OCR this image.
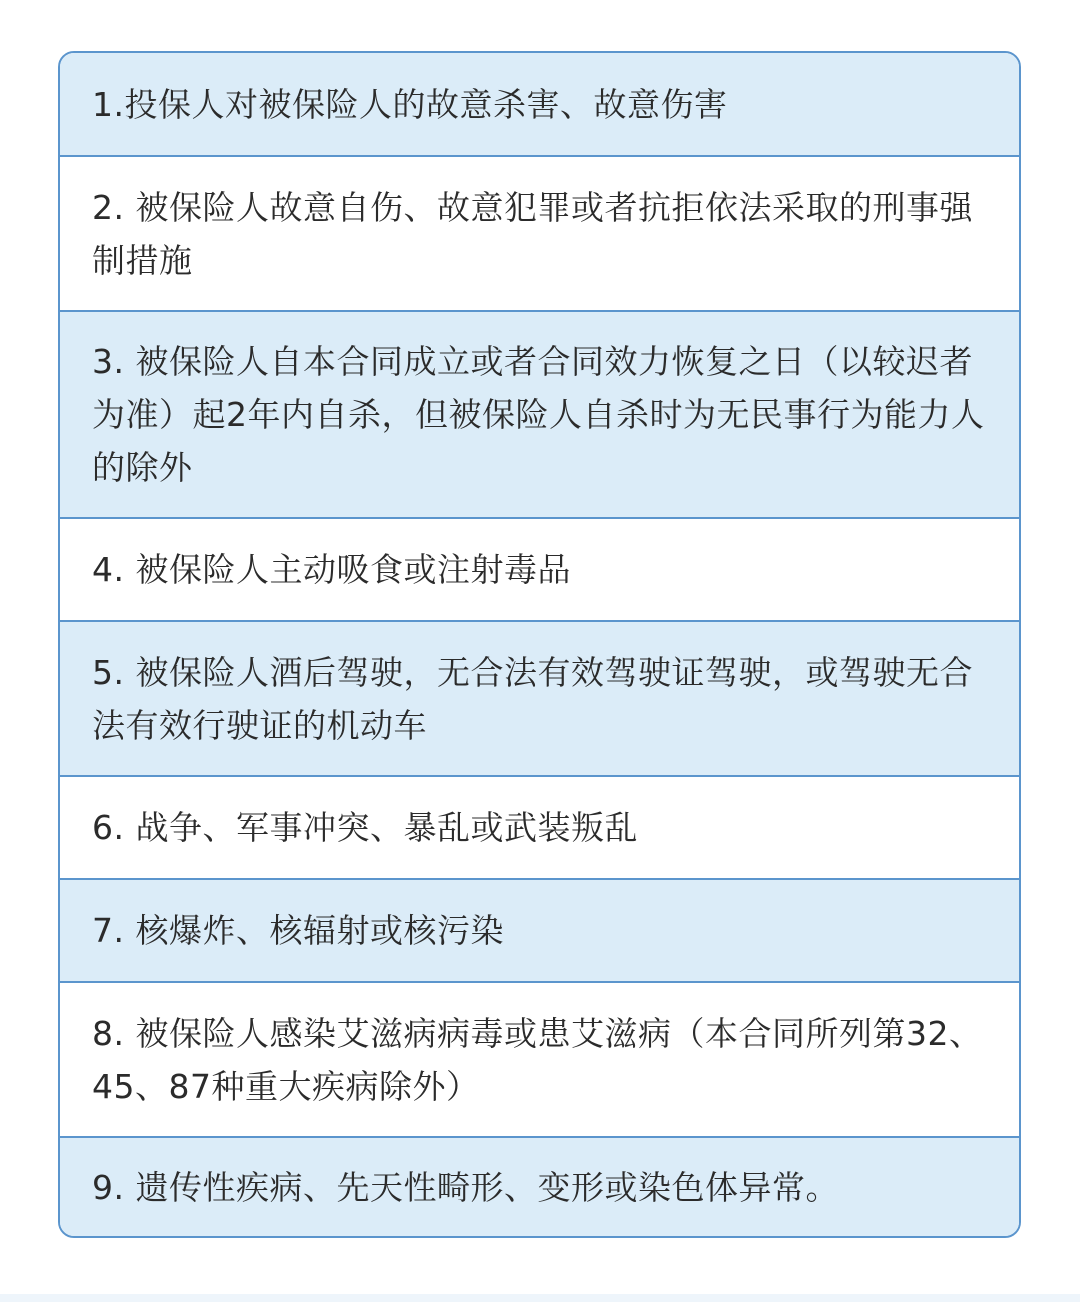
1.投保人对被保险人的故意杀害、故意伤害
2. 被保险人故意自伤、故意犯罪或者抗拒依法采取的刑事强制措施
3. 被保险人自本合同成立或者合同效力恢复之日（以较迟者为准）起2年内自杀，但被保险人自杀时为无民事行为能力人的除外
4. 被保险人主动吸食或注射毒品
5. 被保险人酒后驾驶，无合法有效驾驶证驾驶，或驾驶无合法有效行驶证的机动车
6. 战争、军事冲突、暴乱或武装叛乱
7. 核爆炸、核辐射或核污染
8. 被保险人感染艾滋病病毒或患艾滋病（本合同所列第32、45、87种重大疾病除外）
9. 遗传性疾病、先天性畸形、变形或染色体异常。
